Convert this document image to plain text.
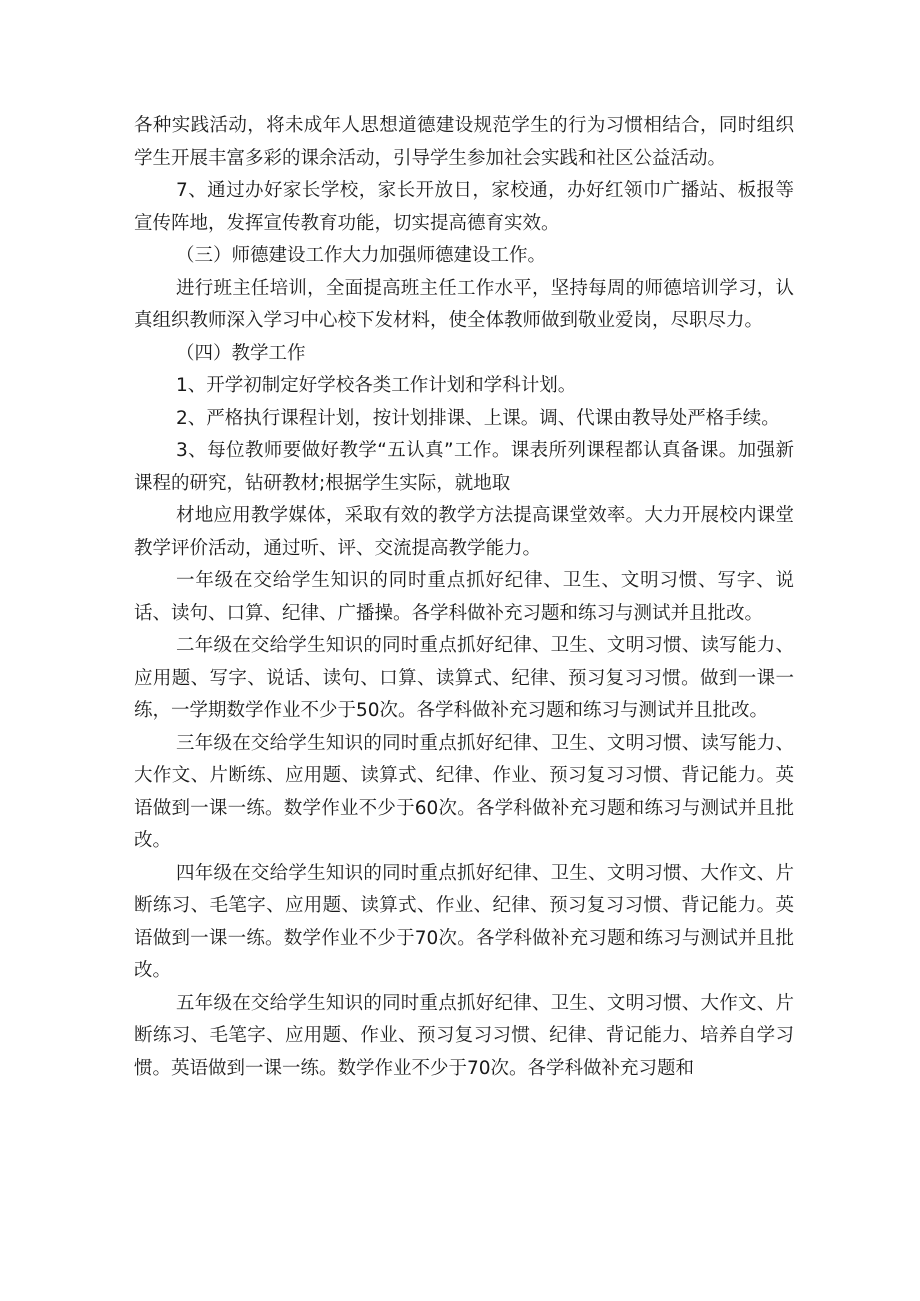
各种实践活动，将未成年人思想道德建设规范学生的行为习惯相结合，同时组织学生开展丰富多彩的课余活动，引导学生参加社会实践和社区公益活动。

7、通过办好家长学校，家长开放日，家校通，办好红领巾广播站、板报等宣传阵地，发挥宣传教育功能，切实提高德育实效。

（三）师德建设工作大力加强师德建设工作。

进行班主任培训，全面提高班主任工作水平，坚持每周的师德培训学习，认真组织教师深入学习中心校下发材料，使全体教师做到敬业爱岗，尽职尽力。

（四）教学工作

1、开学初制定好学校各类工作计划和学科计划。

2、严格执行课程计划，按计划排课、上课。调、代课由教导处严格手续。

3、每位教师要做好教学“五认真”工作。课表所列课程都认真备课。加强新课程的研究，钻研教材;根据学生实际，就地取

材地应用教学媒体，采取有效的教学方法提高课堂效率。大力开展校内课堂教学评价活动，通过听、评、交流提高教学能力。

一年级在交给学生知识的同时重点抓好纪律、卫生、文明习惯、写字、说话、读句、口算、纪律、广播操。各学科做补充习题和练习与测试并且批改。

二年级在交给学生知识的同时重点抓好纪律、卫生、文明习惯、读写能力、应用题、写字、说话、读句、口算、读算式、纪律、预习复习习惯。做到一课一练，一学期数学作业不少于50次。各学科做补充习题和练习与测试并且批改。

三年级在交给学生知识的同时重点抓好纪律、卫生、文明习惯、读写能力、大作文、片断练、应用题、读算式、纪律、作业、预习复习习惯、背记能力。英语做到一课一练。数学作业不少于60次。各学科做补充习题和练习与测试并且批改。

四年级在交给学生知识的同时重点抓好纪律、卫生、文明习惯、大作文、片断练习、毛笔字、应用题、读算式、作业、纪律、预习复习习惯、背记能力。英语做到一课一练。数学作业不少于70次。各学科做补充习题和练习与测试并且批改。

五年级在交给学生知识的同时重点抓好纪律、卫生、文明习惯、大作文、片断练习、毛笔字、应用题、作业、预习复习习惯、纪律、背记能力、培养自学习惯。英语做到一课一练。数学作业不少于70次。各学科做补充习题和
